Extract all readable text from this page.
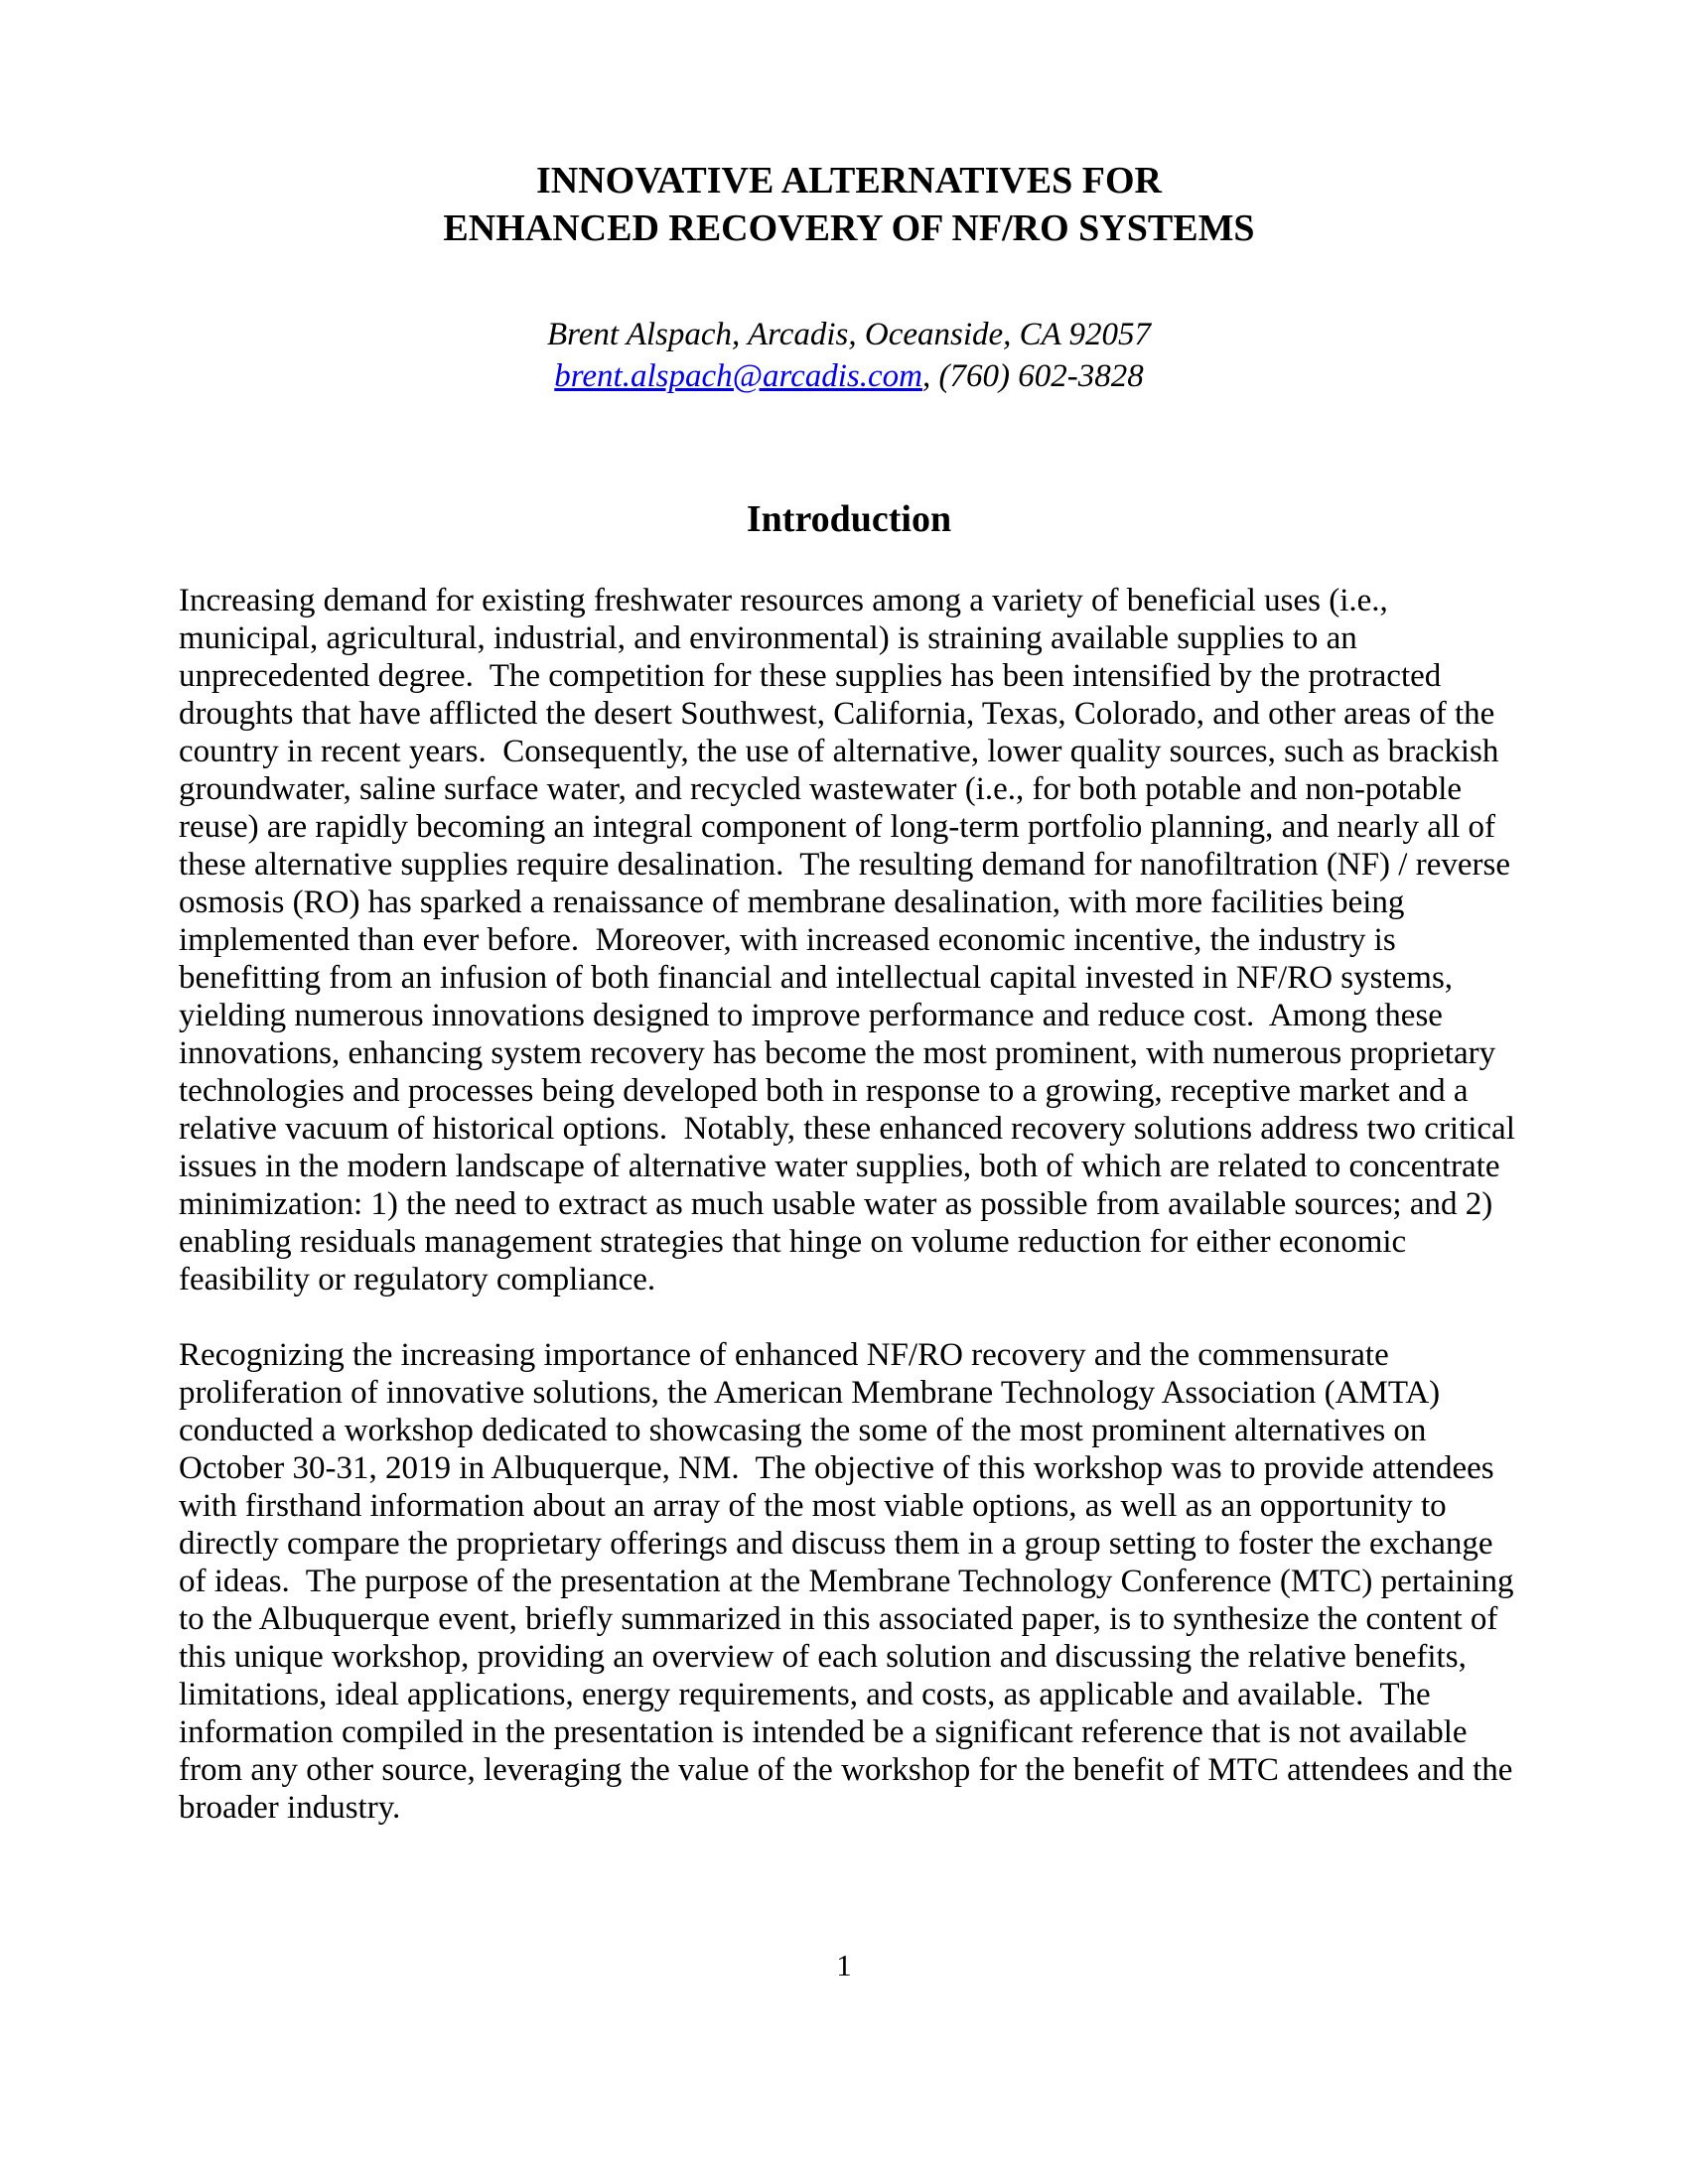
INNOVATIVE ALTERNATIVES FOR
ENHANCED RECOVERY OF NF/RO SYSTEMS
Brent Alspach, Arcadis, Oceanside, CA 92057
brent.alspach@arcadis.com, (760) 602-3828
Introduction

Increasing demand for existing freshwater resources among a variety of beneficial uses (i.e., municipal, agricultural, industrial, and environmental) is straining available supplies to an unprecedented degree.  The competition for these supplies has been intensified by the protracted droughts that have afflicted the desert Southwest, California, Texas, Colorado, and other areas of the country in recent years.  Consequently, the use of alternative, lower quality sources, such as brackish groundwater, saline surface water, and recycled wastewater (i.e., for both potable and non-potable reuse) are rapidly becoming an integral component of long-term portfolio planning, and nearly all of these alternative supplies require desalination.  The resulting demand for nanofiltration (NF) / reverse osmosis (RO) has sparked a renaissance of membrane desalination, with more facilities being implemented than ever before.  Moreover, with increased economic incentive, the industry is benefitting from an infusion of both financial and intellectual capital invested in NF/RO systems, yielding numerous innovations designed to improve performance and reduce cost.  Among these innovations, enhancing system recovery has become the most prominent, with numerous proprietary technologies and processes being developed both in response to a growing, receptive market and a relative vacuum of historical options.  Notably, these enhanced recovery solutions address two critical issues in the modern landscape of alternative water supplies, both of which are related to concentrate minimization: 1) the need to extract as much usable water as possible from available sources; and 2) enabling residuals management strategies that hinge on volume reduction for either economic feasibility or regulatory compliance.

Recognizing the increasing importance of enhanced NF/RO recovery and the commensurate proliferation of innovative solutions, the American Membrane Technology Association (AMTA) conducted a workshop dedicated to showcasing the some of the most prominent alternatives on October 30-31, 2019 in Albuquerque, NM.  The objective of this workshop was to provide attendees with firsthand information about an array of the most viable options, as well as an opportunity to directly compare the proprietary offerings and discuss them in a group setting to foster the exchange of ideas.  The purpose of the presentation at the Membrane Technology Conference (MTC) pertaining to the Albuquerque event, briefly summarized in this associated paper, is to synthesize the content of this unique workshop, providing an overview of each solution and discussing the relative benefits, limitations, ideal applications, energy requirements, and costs, as applicable and available.  The information compiled in the presentation is intended be a significant reference that is not available from any other source, leveraging the value of the workshop for the benefit of MTC attendees and the broader industry.

1
